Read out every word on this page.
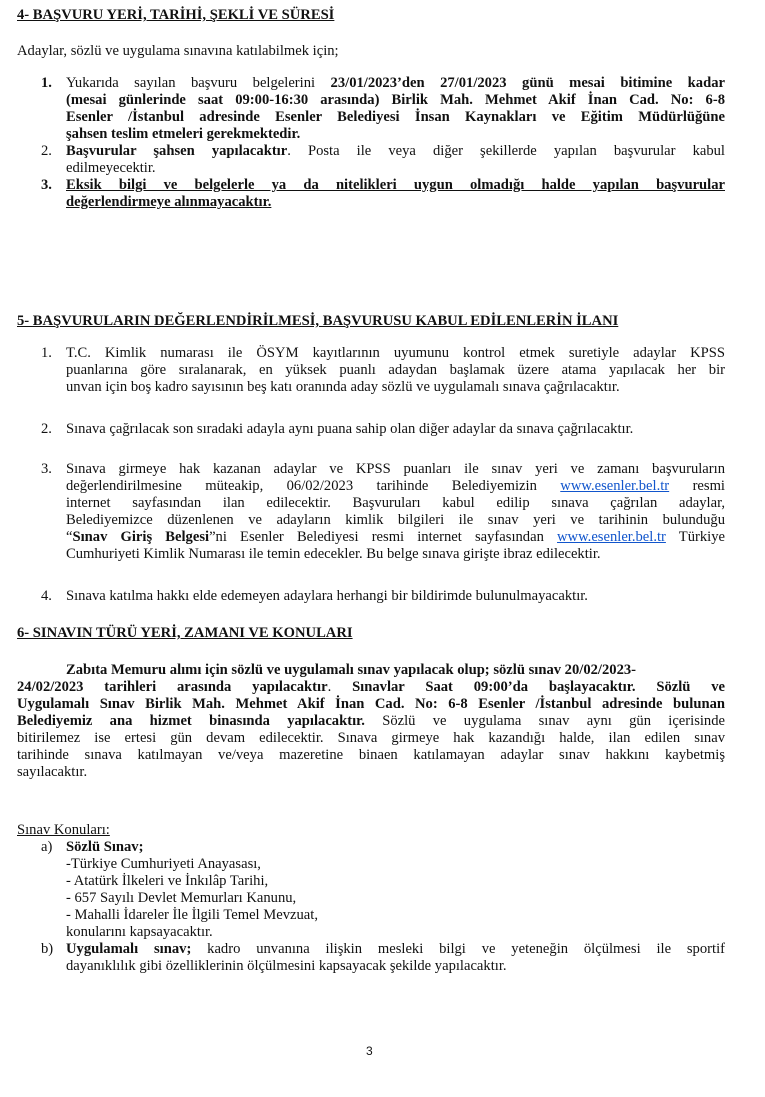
4- BAŞVURU YERİ, TARİHİ, ŞEKLİ VE SÜRESİ
Adaylar, sözlü ve uygulama sınavına katılabilmek için;
1. Yukarıda sayılan başvuru belgelerini 23/01/2023’den 27/01/2023 günü mesai bitimine kadar
(mesai günlerinde saat 09:00-16:30 arasında) Birlik Mah. Mehmet Akif İnan Cad. No: 6-8
Esenler /İstanbul adresinde Esenler Belediyesi İnsan Kaynakları ve Eğitim Müdürlüğüne
şahsen teslim etmeleri gerekmektedir.
2. Başvurular şahsen yapılacaktır. Posta ile veya diğer şekillerde yapılan başvurular kabul
edilmeyecektir.
3. Eksik bilgi ve belgelerle ya da nitelikleri uygun olmadığı halde yapılan başvurular
değerlendirmeye alınmayacaktır.
5- BAŞVURULARIN DEĞERLENDİRİLMESİ, BAŞVURUSU KABUL EDİLENLERİN İLANI
1. T.C. Kimlik numarası ile ÖSYM kayıtlarının uyumunu kontrol etmek suretiyle adaylar KPSS
puanlarına göre sıralanarak, en yüksek puanlı adaydan başlamak üzere atama yapılacak her bir
unvan için boş kadro sayısının beş katı oranında aday sözlü ve uygulamalı sınava çağrılacaktır.
2. Sınava çağrılacak son sıradaki adayla aynı puana sahip olan diğer adaylar da sınava çağrılacaktır.
3. Sınava girmeye hak kazanan adaylar ve KPSS puanları ile sınav yeri ve zamanı başvuruların
değerlendirilmesine müteakip, 06/02/2023 tarihinde Belediyemizin www.esenler.bel.tr resmi
internet sayfasından ilan edilecektir. Başvuruları kabul edilip sınava çağrılan adaylar,
Belediyemizce düzenlenen ve adayların kimlik bilgileri ile sınav yeri ve tarihinin bulunduğu
“Sınav Giriş Belgesi”ni Esenler Belediyesi resmi internet sayfasından www.esenler.bel.tr Türkiye
Cumhuriyeti Kimlik Numarası ile temin edecekler. Bu belge sınava girişte ibraz edilecektir.
4. Sınava katılma hakkı elde edemeyen adaylara herhangi bir bildirimde bulunulmayacaktır.
6- SINAVIN TÜRÜ YERİ, ZAMANI VE KONULARI
Zabıta Memuru alımı için sözlü ve uygulamalı sınav yapılacak olup; sözlü sınav 20/02/2023-
24/02/2023 tarihleri arasında yapılacaktır. Sınavlar Saat 09:00’da başlayacaktır. Sözlü ve
Uygulamalı Sınav Birlik Mah. Mehmet Akif İnan Cad. No: 6-8 Esenler /İstanbul adresinde bulunan
Belediyemiz ana hizmet binasında yapılacaktır. Sözlü ve uygulama sınav aynı gün içerisinde
bitirilemez ise ertesi gün devam edilecektir. Sınava girmeye hak kazandığı halde, ilan edilen sınav
tarihinde sınava katılmayan ve/veya mazeretine binaen katılamayan adaylar sınav hakkını kaybetmiş
sayılacaktır.
Sınav Konuları:
a) Sözlü Sınav;
-Türkiye Cumhuriyeti Anayasası,
- Atatürk İlkeleri ve İnkılâp Tarihi,
- 657 Sayılı Devlet Memurları Kanunu,
- Mahalli İdareler İle İlgili Temel Mevzuat,
konularını kapsayacaktır.
b) Uygulamalı sınav; kadro unvanına ilişkin mesleki bilgi ve yeteneğin ölçülmesi ile sportif
dayanıklılık gibi özelliklerinin ölçülmesini kapsayacak şekilde yapılacaktır.
3
